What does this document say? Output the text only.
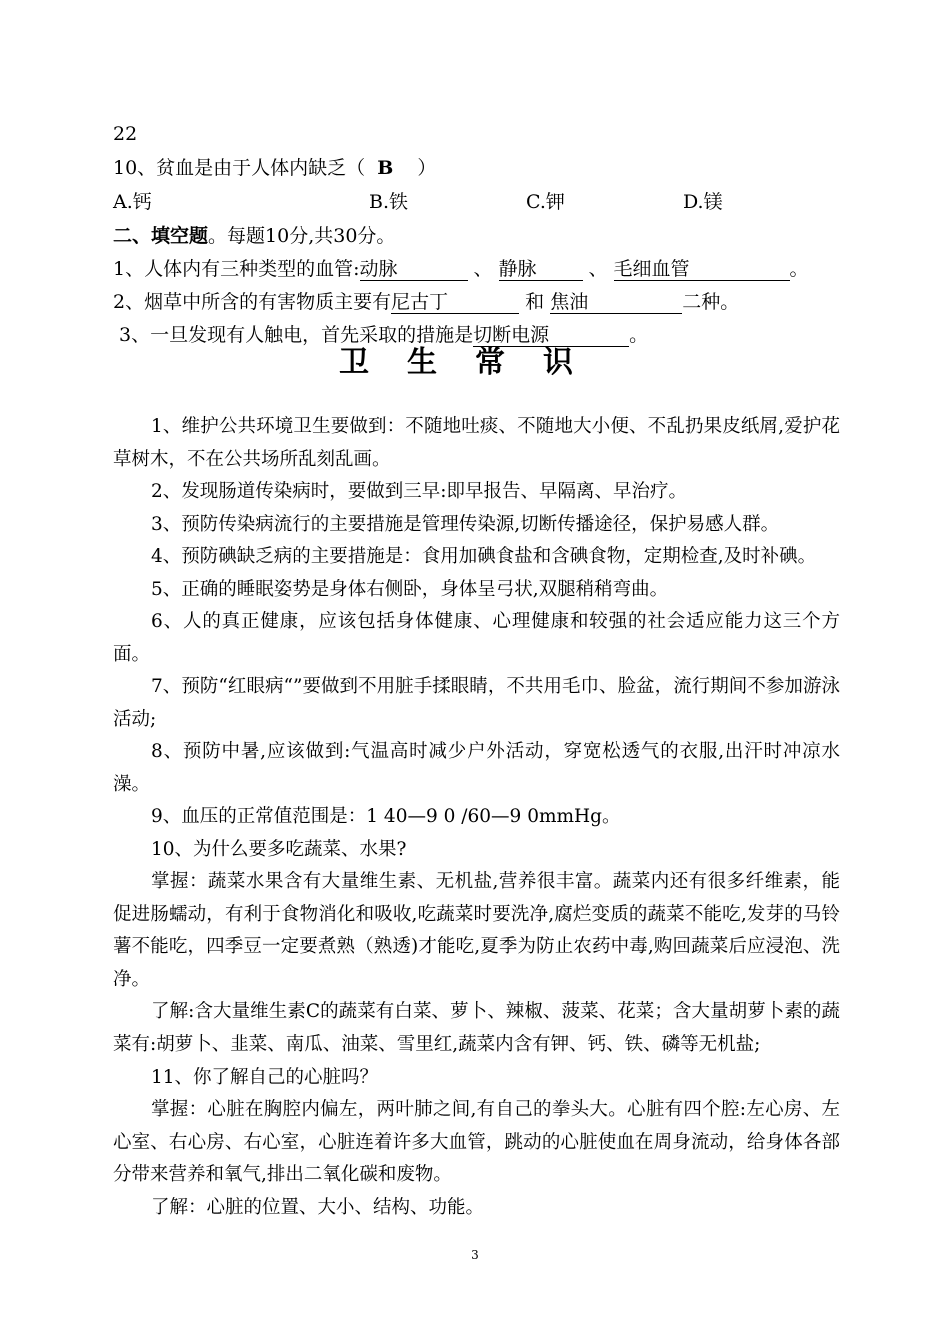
22
10、贫血是由于人体内缺乏（ B ）
A.钙	B.铁	C.钾	D.镁
二、填空题。每题10分,共30分。
1、人体内有三种类型的血管:动脉	、静脉	、毛细血管	。
2、烟草中所含的有害物质主要有尼古丁	和 焦油	二种。
3、一旦发现有人触电，首先采取的措施是切断电源	。
卫生常识
1、维护公共环境卫生要做到：不随地吐痰、不随地大小便、不乱扔果皮纸屑,爱护花草树木，不在公共场所乱刻乱画。
2、发现肠道传染病时，要做到三早:即早报告、早隔离、早治疗。
3、预防传染病流行的主要措施是管理传染源,切断传播途径，保护易感人群。
4、预防碘缺乏病的主要措施是：食用加碘食盐和含碘食物，定期检查,及时补碘。
5、正确的睡眠姿势是身体右侧卧，身体呈弓状,双腿稍稍弯曲。
6、人的真正健康，应该包括身体健康、心理健康和较强的社会适应能力这三个方面。
7、预防“红眼病“”要做到不用脏手揉眼睛，不共用毛巾、脸盆，流行期间不参加游泳活动;
8、预防中暑,应该做到:气温高时减少户外活动，穿宽松透气的衣服,出汗时冲凉水澡。
9、血压的正常值范围是：1 40—9 0 /60—9 0mmHg。
10、为什么要多吃蔬菜、水果?
掌握：蔬菜水果含有大量维生素、无机盐,营养很丰富。蔬菜内还有很多纤维素，能促进肠蠕动，有利于食物消化和吸收,吃蔬菜时要洗净,腐烂变质的蔬菜不能吃,发芽的马铃薯不能吃，四季豆一定要煮熟（熟透)才能吃,夏季为防止农药中毒,购回蔬菜后应浸泡、洗净。
了解:含大量维生素C的蔬菜有白菜、萝卜、辣椒、菠菜、花菜；含大量胡萝卜素的蔬菜有:胡萝卜、韭菜、南瓜、油菜、雪里红,蔬菜内含有钾、钙、铁、磷等无机盐;
11、你了解自己的心脏吗？
掌握：心脏在胸腔内偏左，两叶肺之间,有自己的拳头大。心脏有四个腔:左心房、左心室、右心房、右心室，心脏连着许多大血管，跳动的心脏使血在周身流动，给身体各部分带来营养和氧气,排出二氧化碳和废物。
了解：心脏的位置、大小、结构、功能。
3
